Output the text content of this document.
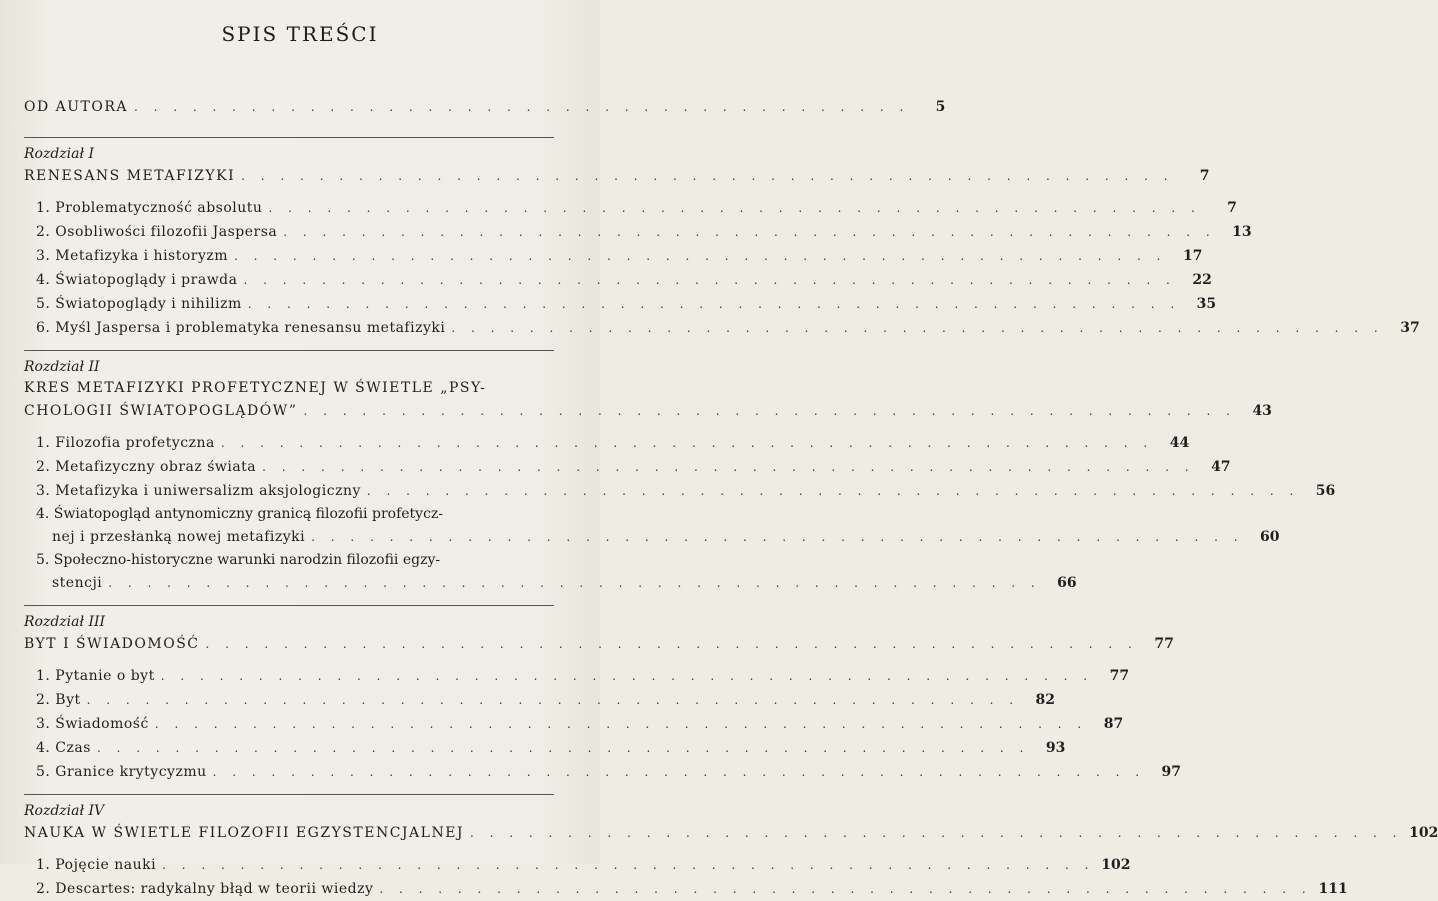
SPIS TREŚCI
OD AUTORA . . . . . . . . . . . . . . . . . . . . . . . . . . . . . . . . . . . . . . . .	5
Rozdział I
RENESANS METAFIZYKI . . . . . . . . . . . . . . . . . . . . . . . . . . . . . . . . . . . . . . . . . . . . . . . .	7
1. Problematyczność absolutu . . . . . . . . . . . . . . . . . . . . . . . . . . . . . . . . . . . . . . . . . . . . . . . .	7
2. Osobliwości filozofii Jaspersa . . . . . . . . . . . . . . . . . . . . . . . . . . . . . . . . . . . . . . . . . . . . . . . .	13
3. Metafizyka i historyzm . . . . . . . . . . . . . . . . . . . . . . . . . . . . . . . . . . . . . . . . . . . . . . . .	17
4. Światopoglądy i prawda . . . . . . . . . . . . . . . . . . . . . . . . . . . . . . . . . . . . . . . . . . . . . . . .	22
5. Światopoglądy i nihilizm . . . . . . . . . . . . . . . . . . . . . . . . . . . . . . . . . . . . . . . . . . . . . . . .	35
6. Myśl Jaspersa i problematyka renesansu metafizyki . . . . . . . . . . . . . . . . . . . . . . . . . . . . . . . . . . . . . . . . . . . . . . . .	37
Rozdział II
KRES METAFIZYKI PROFETYCZNEJ W ŚWIETLE „PSY-
CHOLOGII ŚWIATOPOGLĄDÓW” . . . . . . . . . . . . . . . . . . . . . . . . . . . . . . . . . . . . . . . . . . . . . . . .	43
1. Filozofia profetyczna . . . . . . . . . . . . . . . . . . . . . . . . . . . . . . . . . . . . . . . . . . . . . . . .	44
2. Metafizyczny obraz świata . . . . . . . . . . . . . . . . . . . . . . . . . . . . . . . . . . . . . . . . . . . . . . . .	47
3. Metafizyka i uniwersalizm aksjologiczny . . . . . . . . . . . . . . . . . . . . . . . . . . . . . . . . . . . . . . . . . . . . . . . .	56
4. Światopogląd antynomiczny granicą filozofii profetycz-
nej i przesłanką nowej metafizyki . . . . . . . . . . . . . . . . . . . . . . . . . . . . . . . . . . . . . . . . . . . . . . . .	60
5. Społeczno-historyczne warunki narodzin filozofii egzy-
stencji . . . . . . . . . . . . . . . . . . . . . . . . . . . . . . . . . . . . . . . . . . . . . . . .	66
Rozdział III
BYT I ŚWIADOMOŚĆ . . . . . . . . . . . . . . . . . . . . . . . . . . . . . . . . . . . . . . . . . . . . . . . .	77
1. Pytanie o byt . . . . . . . . . . . . . . . . . . . . . . . . . . . . . . . . . . . . . . . . . . . . . . . .	77
2. Byt . . . . . . . . . . . . . . . . . . . . . . . . . . . . . . . . . . . . . . . . . . . . . . . .	82
3. Świadomość . . . . . . . . . . . . . . . . . . . . . . . . . . . . . . . . . . . . . . . . . . . . . . . .	87
4. Czas . . . . . . . . . . . . . . . . . . . . . . . . . . . . . . . . . . . . . . . . . . . . . . . .	93
5. Granice krytycyzmu . . . . . . . . . . . . . . . . . . . . . . . . . . . . . . . . . . . . . . . . . . . . . . . .	97
Rozdział IV
NAUKA W ŚWIETLE FILOZOFII EGZYSTENCJALNEJ . . . . . . . . . . . . . . . . . . . . . . . . . . . . . . . . . . . . . . . . . . . . . . . . 102
1. Pojęcie nauki . . . . . . . . . . . . . . . . . . . . . . . . . . . . . . . . . . . . . . . . . . . . . . . . 102
2. Descartes: radykalny błąd w teorii wiedzy . . . . . . . . . . . . . . . . . . . . . . . . . . . . . . . . . . . . . . . . . . . . . . . . 111
